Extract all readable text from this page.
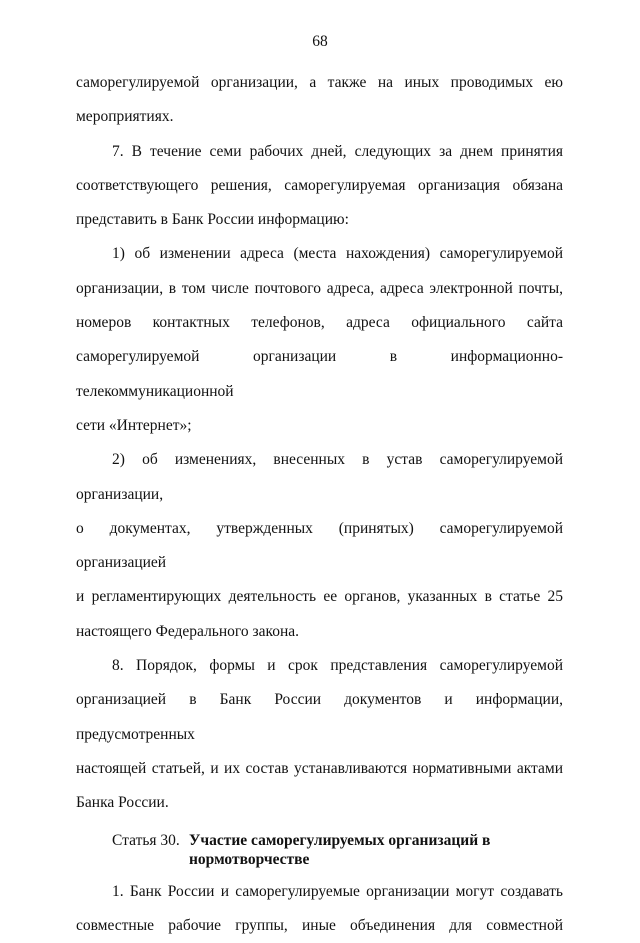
68

саморегулируемой организации, а также на иных проводимых ею

мероприятиях.

7. В течение семи рабочих дней, следующих за днем принятия

соответствующего решения, саморегулируемая организация обязана

представить в Банк России информацию:

1) об изменении адреса (места нахождения) саморегулируемой

организации, в том числе почтового адреса, адреса электронной почты,

номеров контактных телефонов, адреса официального сайта

саморегулируемой организации в информационно-телекоммуникационной

сети «Интернет»;

2) об изменениях, внесенных в устав саморегулируемой организации,

о документах, утвержденных (принятых) саморегулируемой организацией

и регламентирующих деятельность ее органов, указанных в статье 25

настоящего Федерального закона.

8. Порядок, формы и срок представления саморегулируемой

организацией в Банк России документов и информации, предусмотренных

настоящей статьей, и их состав устанавливаются нормативными актами

Банка России.

Статья 30. Участие саморегулируемых организаций в
нормотворчестве

1. Банк России и саморегулируемые организации могут создавать

совместные рабочие группы, иные объединения для совместной
